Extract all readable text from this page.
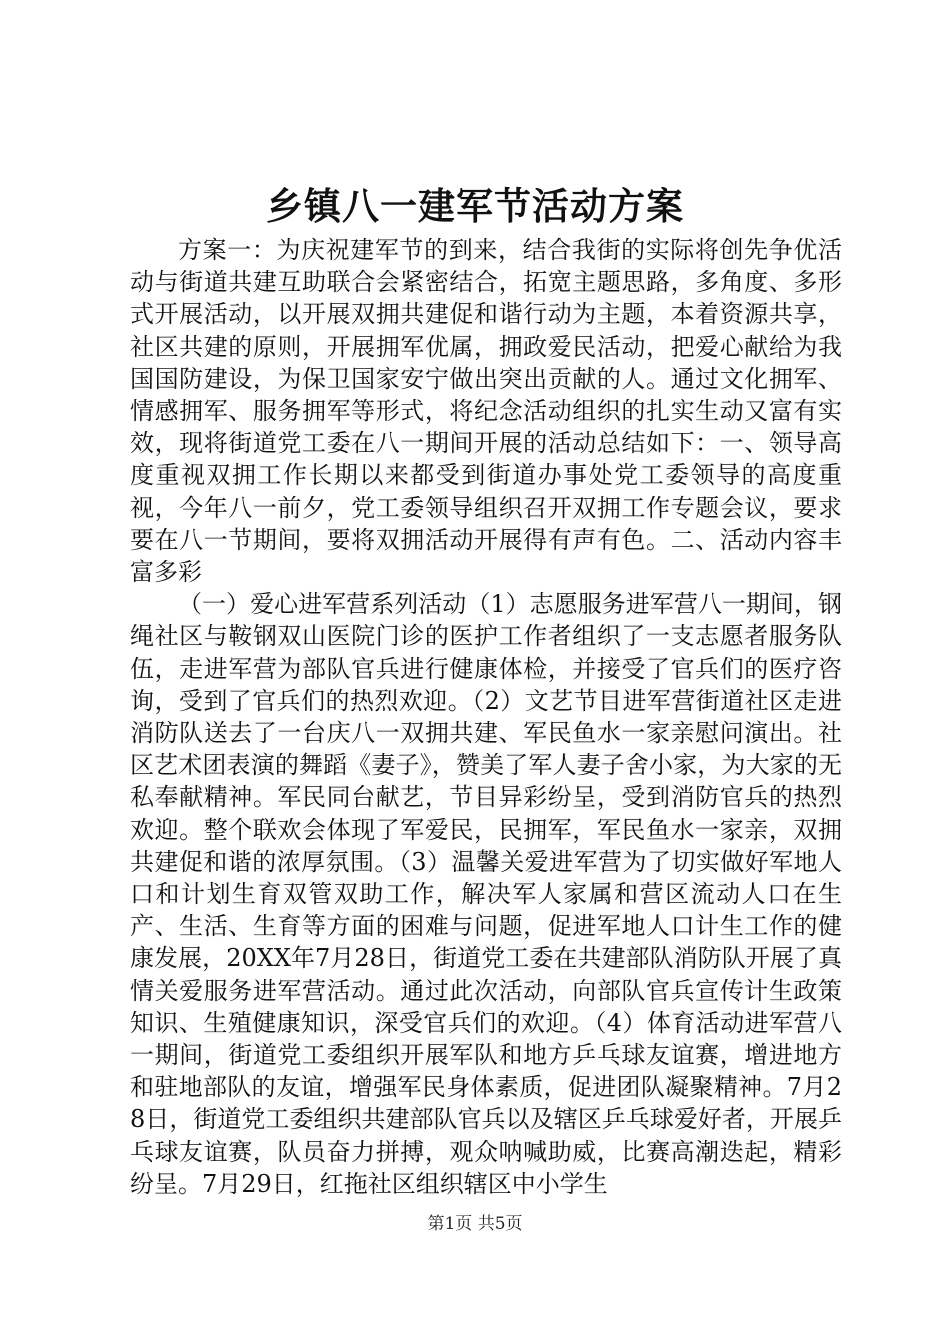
乡镇八一建军节活动方案

方案一：为庆祝建军节的到来，结合我街的实际将创先争优活动与街道共建互助联合会紧密结合，拓宽主题思路，多角度、多形式开展活动，以开展双拥共建促和谐行动为主题，本着资源共享，社区共建的原则，开展拥军优属，拥政爱民活动，把爱心献给为我国国防建设，为保卫国家安宁做出突出贡献的人。通过文化拥军、情感拥军、服务拥军等形式，将纪念活动组织的扎实生动又富有实效，现将街道党工委在八一期间开展的活动总结如下：一、领导高度重视双拥工作长期以来都受到街道办事处党工委领导的高度重视，今年八一前夕，党工委领导组织召开双拥工作专题会议，要求要在八一节期间，要将双拥活动开展得有声有色。二、活动内容丰富多彩

（一）爱心进军营系列活动（1）志愿服务进军营八一期间，钢绳社区与鞍钢双山医院门诊的医护工作者组织了一支志愿者服务队伍，走进军营为部队官兵进行健康体检，并接受了官兵们的医疗咨询，受到了官兵们的热烈欢迎。（2）文艺节目进军营街道社区走进消防队送去了一台庆八一双拥共建、军民鱼水一家亲慰问演出。社区艺术团表演的舞蹈《妻子》，赞美了军人妻子舍小家，为大家的无私奉献精神。军民同台献艺，节目异彩纷呈，受到消防官兵的热烈欢迎。整个联欢会体现了军爱民，民拥军，军民鱼水一家亲，双拥共建促和谐的浓厚氛围。（3）温馨关爱进军营为了切实做好军地人口和计划生育双管双助工作，解决军人家属和营区流动人口在生产、生活、生育等方面的困难与问题，促进军地人口计生工作的健康发展，20XX年7月28日，街道党工委在共建部队消防队开展了真情关爱服务进军营活动。通过此次活动，向部队官兵宣传计生政策知识、生殖健康知识，深受官兵们的欢迎。（4）体育活动进军营八一期间，街道党工委组织开展军队和地方乒乓球友谊赛，增进地方和驻地部队的友谊，增强军民身体素质，促进团队凝聚精神。7月28日，街道党工委组织共建部队官兵以及辖区乒乓球爱好者，开展乒乓球友谊赛，队员奋力拼搏，观众呐喊助威，比赛高潮迭起，精彩纷呈。7月29日，红拖社区组织辖区中小学生

第1页 共5页
